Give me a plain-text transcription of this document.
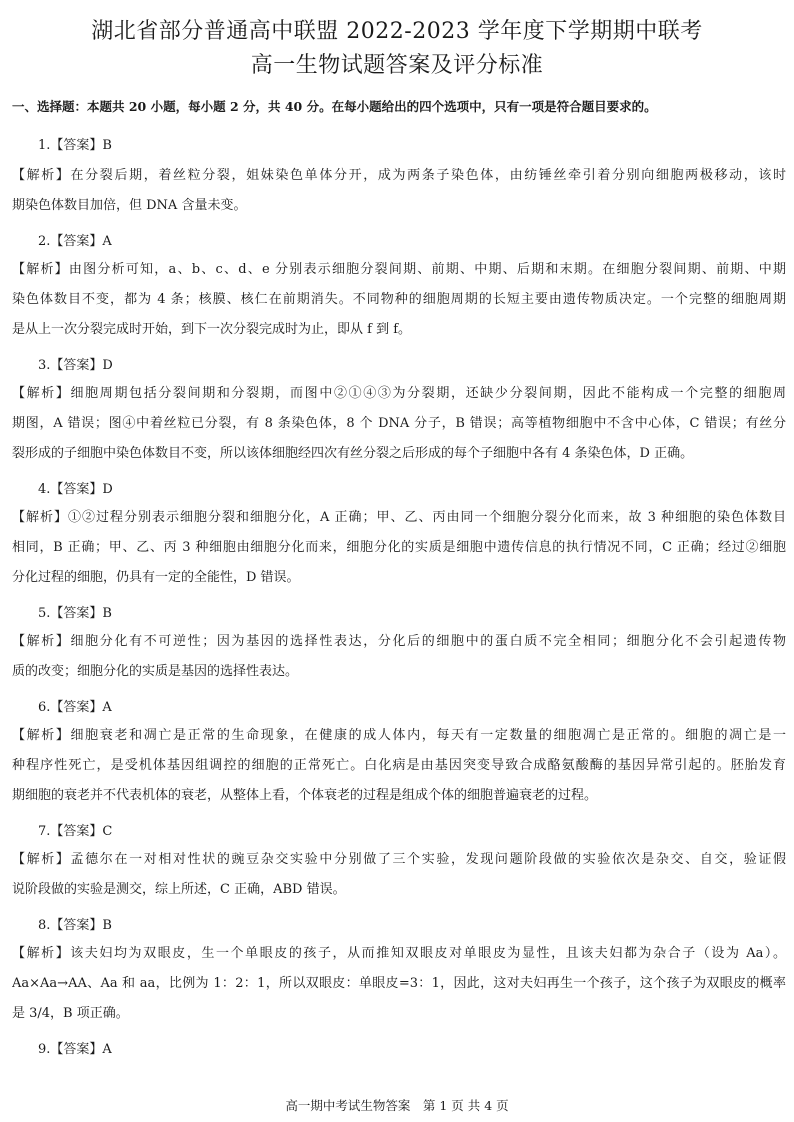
湖北省部分普通高中联盟 2022-2023 学年度下学期期中联考
高一生物试题答案及评分标准
一、选择题：本题共 20 小题，每小题 2 分，共 40 分。在每小题给出的四个选项中，只有一项是符合题目要求的。
1.【答案】B
【解析】在分裂后期，着丝粒分裂，姐妹染色单体分开，成为两条子染色体，由纺锤丝牵引着分别向细胞两极移动，该时
期染色体数目加倍，但 DNA 含量未变。
2.【答案】A
【解析】由图分析可知，a、b、c、d、e 分别表示细胞分裂间期、前期、中期、后期和末期。在细胞分裂间期、前期、中期
染色体数目不变，都为 4 条；核膜、核仁在前期消失。不同物种的细胞周期的长短主要由遗传物质决定。一个完整的细胞周期
是从上一次分裂完成时开始，到下一次分裂完成时为止，即从 f 到 f。
3.【答案】D
【解析】细胞周期包括分裂间期和分裂期，而图中②①④③为分裂期，还缺少分裂间期，因此不能构成一个完整的细胞周
期图，A 错误；图④中着丝粒已分裂，有 8 条染色体，8 个 DNA 分子，B 错误；高等植物细胞中不含中心体，C 错误；有丝分
裂形成的子细胞中染色体数目不变，所以该体细胞经四次有丝分裂之后形成的每个子细胞中各有 4 条染色体，D 正确。
4.【答案】D
【解析】①②过程分别表示细胞分裂和细胞分化，A 正确；甲、乙、丙由同一个细胞分裂分化而来，故 3 种细胞的染色体数目
相同，B 正确；甲、乙、丙 3 种细胞由细胞分化而来，细胞分化的实质是细胞中遗传信息的执行情况不同，C 正确；经过②细胞
分化过程的细胞，仍具有一定的全能性，D 错误。
5.【答案】B
【解析】细胞分化有不可逆性；因为基因的选择性表达，分化后的细胞中的蛋白质不完全相同；细胞分化不会引起遗传物
质的改变；细胞分化的实质是基因的选择性表达。
6.【答案】A
【解析】细胞衰老和凋亡是正常的生命现象，在健康的成人体内，每天有一定数量的细胞凋亡是正常的。细胞的凋亡是一
种程序性死亡，是受机体基因组调控的细胞的正常死亡。白化病是由基因突变导致合成酪氨酸酶的基因异常引起的。胚胎发育
期细胞的衰老并不代表机体的衰老，从整体上看，个体衰老的过程是组成个体的细胞普遍衰老的过程。
7.【答案】C
【解析】孟德尔在一对相对性状的豌豆杂交实验中分别做了三个实验，发现问题阶段做的实验依次是杂交、自交，验证假
说阶段做的实验是测交，综上所述，C 正确，ABD 错误。
8.【答案】B
【解析】该夫妇均为双眼皮，生一个单眼皮的孩子，从而推知双眼皮对单眼皮为显性，且该夫妇都为杂合子（设为 Aa）。
Aa×Aa→AA、Aa 和 aa，比例为 1：2：1，所以双眼皮：单眼皮=3：1，因此，这对夫妇再生一个孩子，这个孩子为双眼皮的概率
是 3/4，B 项正确。
9.【答案】A
高一期中考试生物答案　第 1 页 共 4 页
